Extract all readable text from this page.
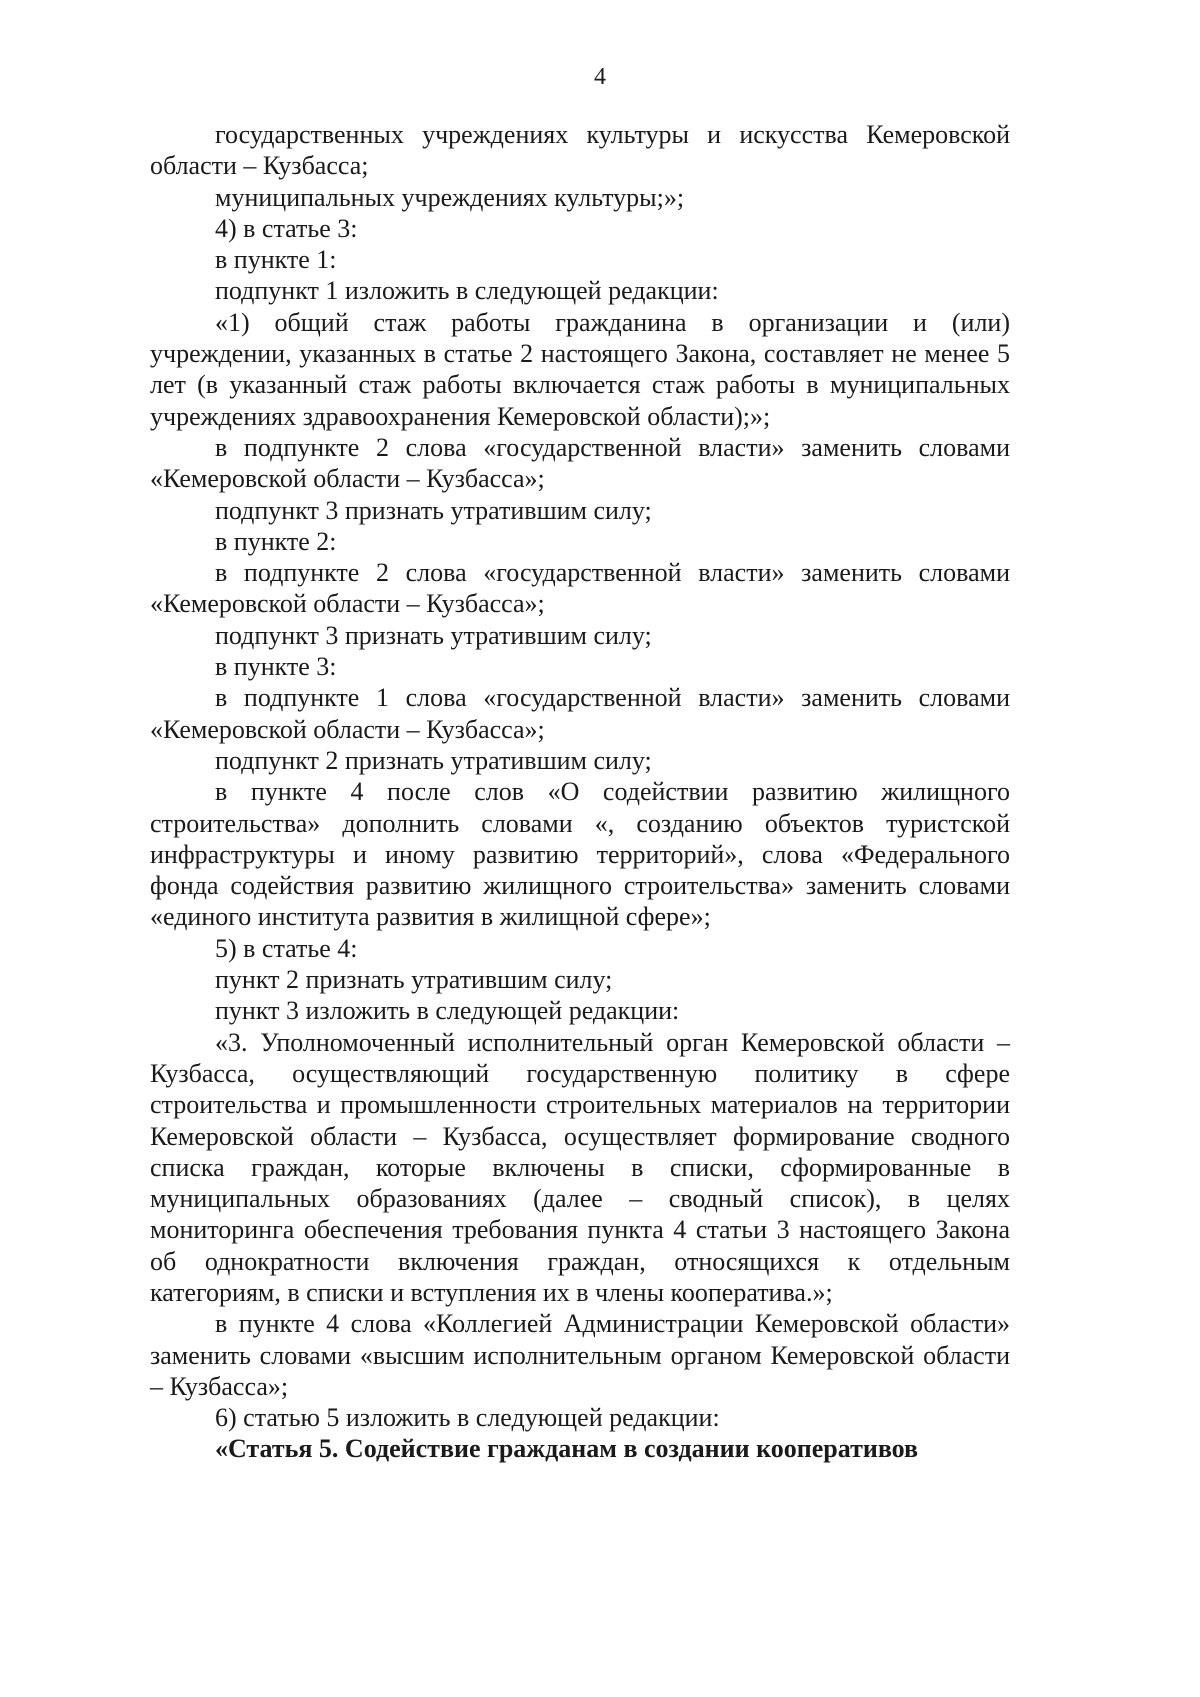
4

государственных учреждениях культуры и искусства Кемеровской области – Кузбасса;

муниципальных учреждениях культуры;»;

4) в статье 3:

в пункте 1:

подпункт 1 изложить в следующей редакции:

«1) общий стаж работы гражданина в организации и (или) учреждении, указанных в статье 2 настоящего Закона, составляет не менее 5 лет (в указанный стаж работы включается стаж работы в муниципальных учреждениях здравоохранения Кемеровской области);»;

в подпункте 2 слова «государственной власти» заменить словами «Кемеровской области – Кузбасса»;

подпункт 3 признать утратившим силу;

в пункте 2:

в подпункте 2 слова «государственной власти» заменить словами «Кемеровской области – Кузбасса»;

подпункт 3 признать утратившим силу;

в пункте 3:

в подпункте 1 слова «государственной власти» заменить словами «Кемеровской области – Кузбасса»;

подпункт 2 признать утратившим силу;

в пункте 4 после слов «О содействии развитию жилищного строительства» дополнить словами «, созданию объектов туристской инфраструктуры и иному развитию территорий», слова «Федерального фонда содействия развитию жилищного строительства» заменить словами «единого института развития в жилищной сфере»;

5) в статье 4:

пункт 2 признать утратившим силу;

пункт 3 изложить в следующей редакции:

«3. Уполномоченный исполнительный орган Кемеровской области – Кузбасса, осуществляющий государственную политику в сфере строительства и промышленности строительных материалов на территории Кемеровской области – Кузбасса, осуществляет формирование сводного списка граждан, которые включены в списки, сформированные в муниципальных образованиях (далее – сводный список), в целях мониторинга обеспечения требования пункта 4 статьи 3 настоящего Закона об однократности включения граждан, относящихся к отдельным категориям, в списки и вступления их в члены кооператива.»;

в пункте 4 слова «Коллегией Администрации Кемеровской области» заменить словами «высшим исполнительным органом Кемеровской области – Кузбасса»;

6) статью 5 изложить в следующей редакции:

«Статья 5. Содействие гражданам в создании кооперативов
